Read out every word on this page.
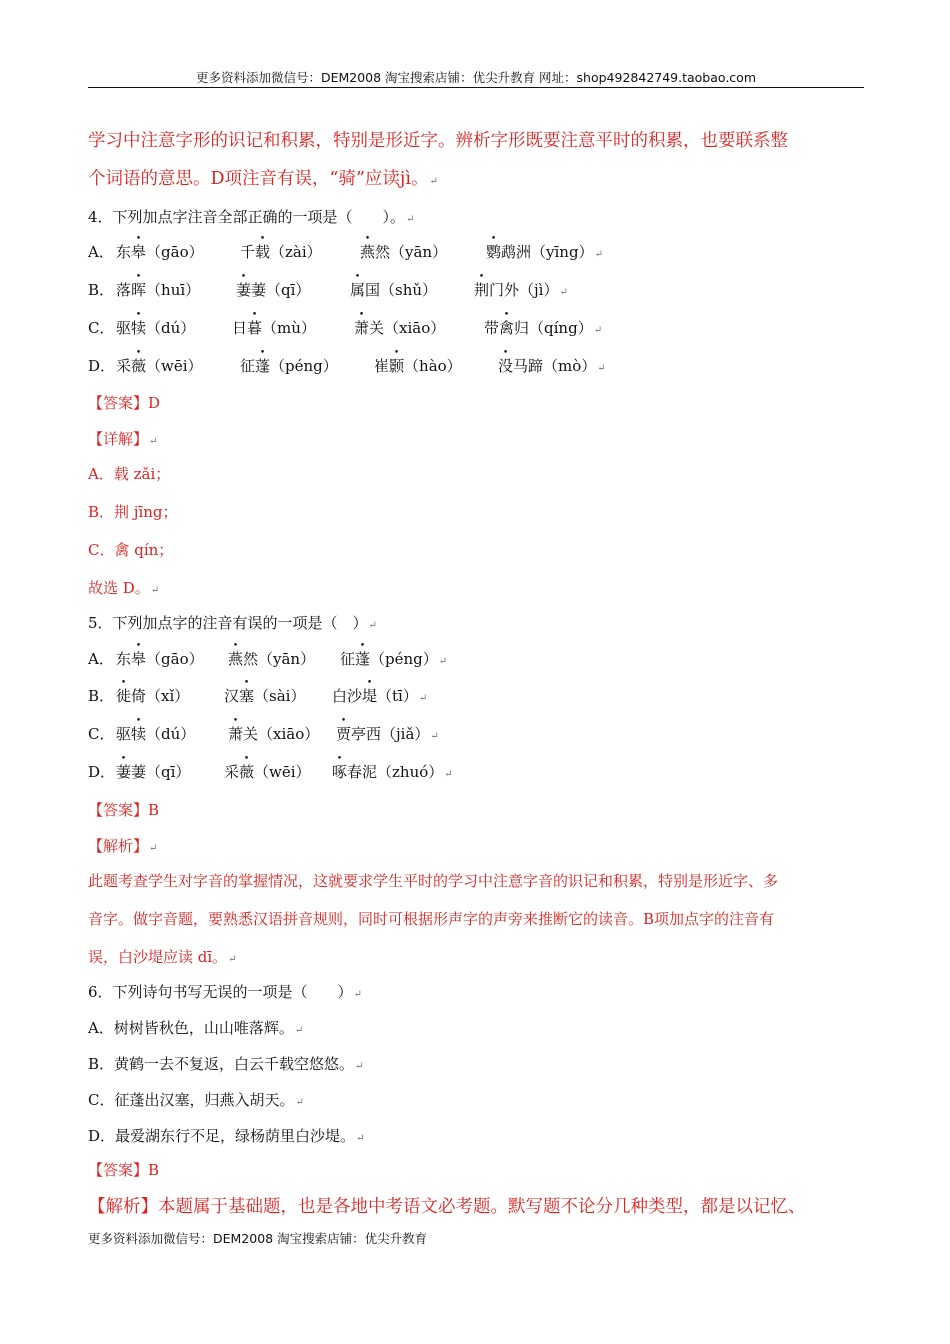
更多资料添加微信号：DEM2008 淘宝搜索店铺：优尖升教育 网址：shop492842749.taobao.com
学习中注意字形的识记和积累，特别是形近字。辨析字形既要注意平时的积累，也要联系整
个词语的意思。D项注音有误，“骑”应读jì。↵
4．下列加点字注音全部正确的一项是（　　）。↵
A． 东皋（gāo） 千载（zài）	燕然（yān）	鹦鹉洲（yīng）↵
B． 落晖（huī） 萋萋（qī）	属国（shǔ） 荆门外（jì）↵
C． 驱犊（dú） 日暮（mù）	萧关（xiāo）	带禽归（qíng）↵
D． 采薇（wēi） 征蓬（péng） 崔颢（hào） 没马蹄（mò）↵
【答案】D
【详解】↵
A．载 zǎi；
B．荆 jīng；
C．禽 qín；
故选 D。↵
5．下列加点字的注音有误的一项是（　）↵
A． 东皋（gāo） 燕然（yān） 征蓬（péng）↵
B． 徙倚（xǐ） 汉塞（sài） 白沙堤（tī）↵
C． 驱犊（dú） 萧关（xiāo） 贾亭西（jiǎ）↵
D． 萋萋（qī） 采薇（wēi） 啄春泥（zhuó）↵
【答案】B
【解析】↵
此题考查学生对字音的掌握情况，这就要求学生平时的学习中注意字音的识记和积累，特别是形近字、多
音字。做字音题，要熟悉汉语拼音规则，同时可根据形声字的声旁来推断它的读音。B项加点字的注音有
误，白沙堤应读 dī。↵
6．下列诗句书写无误的一项是（　　）↵
A．树树皆秋色，山山唯落辉。↵
B．黄鹤一去不复返，白云千载空悠悠。↵
C．征蓬出汉塞，归燕入胡天。↵
D．最爱湖东行不足，绿杨荫里白沙堤。↵
【答案】B
【解析】本题属于基础题，也是各地中考语文必考题。默写题不论分几种类型，都是以记忆、
更多资料添加微信号：DEM2008 淘宝搜索店铺：优尖升教育
